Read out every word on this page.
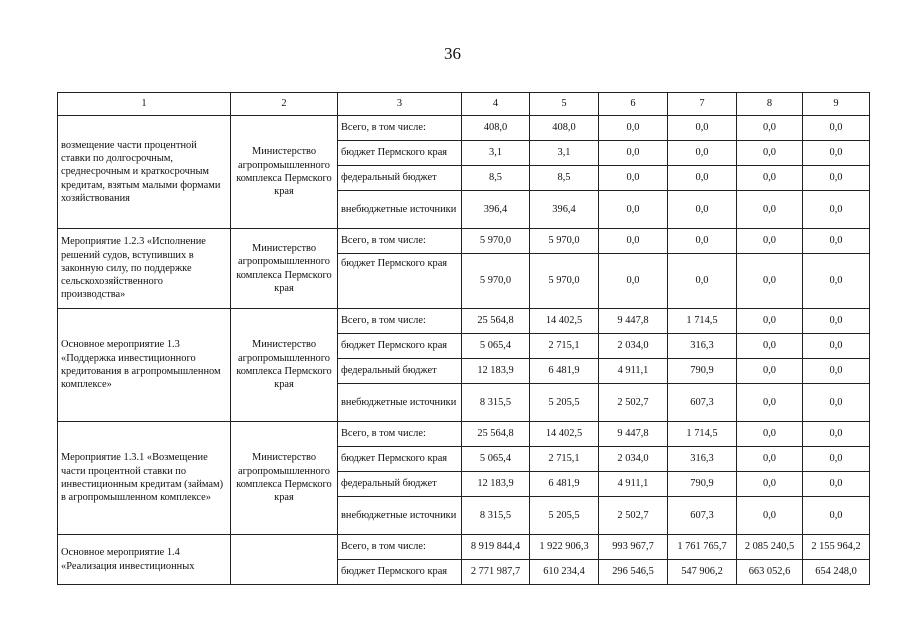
36
1	2	3	4	5	6	7	8	9
возмещение части процентной ставки по долгосрочным, среднесрочным и краткосрочным кредитам, взятым малыми формами хозяйствования	Министерство агропромышленного комплекса Пермского края	Всего, в том числе:	408,0	408,0	0,0	0,0	0,0	0,0
		бюджет Пермского края	3,1	3,1	0,0	0,0	0,0	0,0
		федеральный бюджет	8,5	8,5	0,0	0,0	0,0	0,0
		внебюджетные источники	396,4	396,4	0,0	0,0	0,0	0,0
Мероприятие 1.2.3 «Исполнение решений судов, вступивших в законную силу, по поддержке сельскохозяйственного производства»	Министерство агропромышленного комплекса Пермского края	Всего, в том числе:	5 970,0	5 970,0	0,0	0,0	0,0	0,0
		бюджет Пермского края	5 970,0	5 970,0	0,0	0,0	0,0	0,0
Основное мероприятие 1.3 «Поддержка инвестиционного кредитования в агропромышленном комплексе»	Министерство агропромышленного комплекса Пермского края	Всего, в том числе:	25 564,8	14 402,5	9 447,8	1 714,5	0,0	0,0
		бюджет Пермского края	5 065,4	2 715,1	2 034,0	316,3	0,0	0,0
		федеральный бюджет	12 183,9	6 481,9	4 911,1	790,9	0,0	0,0
		внебюджетные источники	8 315,5	5 205,5	2 502,7	607,3	0,0	0,0
Мероприятие 1.3.1 «Возмещение части процентной ставки по инвестиционным кредитам (займам) в агропромышленном комплексе»	Министерство агропромышленного комплекса Пермского края	Всего, в том числе:	25 564,8	14 402,5	9 447,8	1 714,5	0,0	0,0
		бюджет Пермского края	5 065,4	2 715,1	2 034,0	316,3	0,0	0,0
		федеральный бюджет	12 183,9	6 481,9	4 911,1	790,9	0,0	0,0
		внебюджетные источники	8 315,5	5 205,5	2 502,7	607,3	0,0	0,0
Основное мероприятие 1.4 «Реализация инвестиционных		Всего, в том числе:	8 919 844,4	1 922 906,3	993 967,7	1 761 765,7	2 085 240,5	2 155 964,2
		бюджет Пермского края	2 771 987,7	610 234,4	296 546,5	547 906,2	663 052,6	654 248,0
